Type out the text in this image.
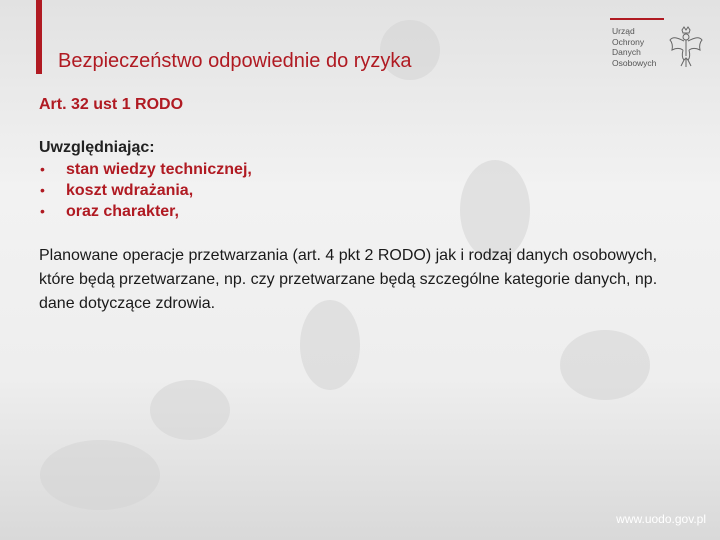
Bezpieczeństwo odpowiednie do ryzyka
Urząd
Ochrony
Danych
Osobowych
Art. 32 ust 1 RODO
Uwzględniając:
• stan wiedzy technicznej,
• koszt wdrażania,
• oraz charakter,
Planowane operacje przetwarzania (art. 4 pkt 2 RODO) jak i rodzaj danych osobowych, które będą przetwarzane, np. czy przetwarzane będą szczególne kategorie danych, np. dane dotyczące zdrowia.
www.uodo.gov.pl
